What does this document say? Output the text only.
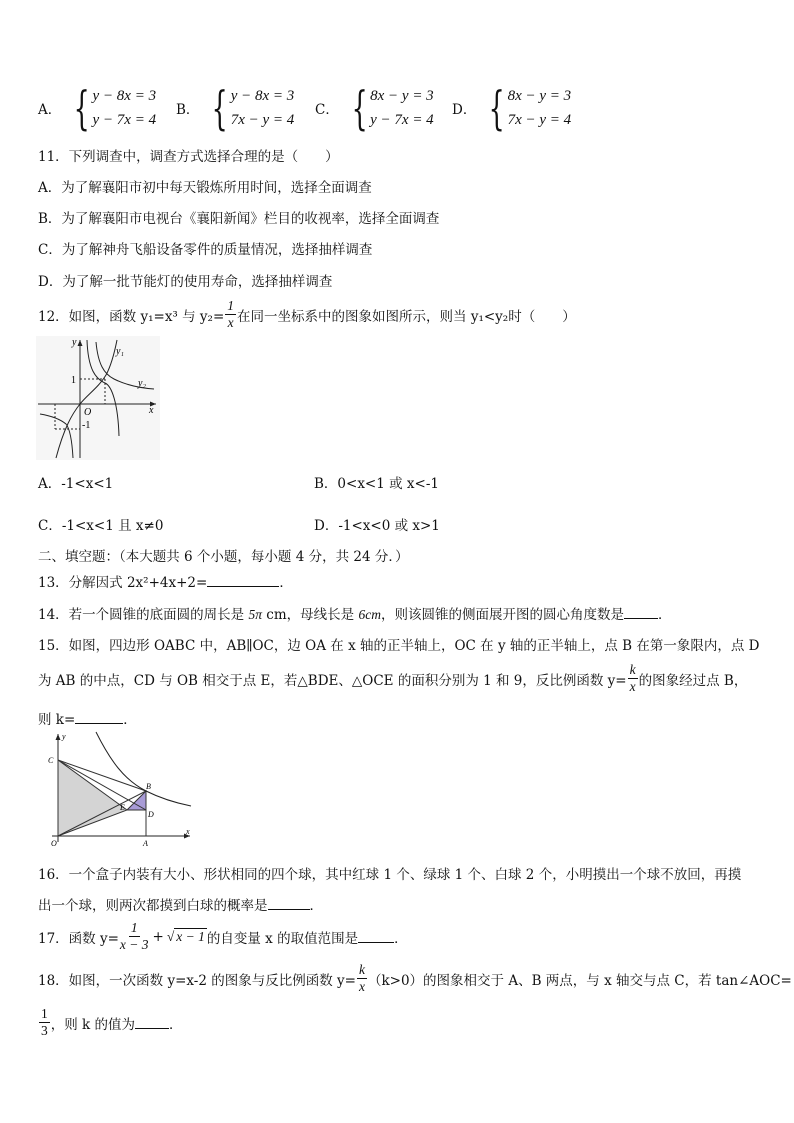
A． { y − 8x = 3
y − 7x = 4
B． { y − 8x = 3
7x − y = 4
C． { 8x − y = 3
y − 7x = 4
D． { 8x − y = 3
7x − y = 4
11．下列调查中，调查方式选择合理的是（　　）
A．为了解襄阳市初中每天锻炼所用时间，选择全面调查
B．为了解襄阳市电视台《襄阳新闻》栏目的收视率，选择全面调查
C．为了解神舟飞船设备零件的质量情况，选择抽样调查
D．为了解一批节能灯的使用寿命，选择抽样调查
12．如图，函数 y₁=x³ 与 $y_2= \frac{1}{x}$ 在同一坐标系中的图象如图所示，则当 y₁<y₂时（　　）
y
x
O
1
-1
y₁
y₂
A．-1<x<1	B．0<x<1 或 x<-1
C．-1<x<1 且 x≠0	D．-1<x<0 或 x>1
二、填空题：（本大题共 6 个小题，每小题 4 分，共 24 分．）
13．分解因式 2x²+4x+2=	．
14．若一个圆锥的底面圆的周长是 5π cm，母线长是 6cm，则该圆锥的侧面展开图的圆心角度数是	．
15．如图，四边形 OABC 中，AB∥OC，边 OA 在 x 轴的正半轴上，OC 在 y 轴的正半轴上，点 B 在第一象限内，点 D
为 AB 的中点，CD 与 OB 相交于点 E，若△BDE、△OCE 的面积分别为 1 和 9，反比例函数 $y= \frac{k}{x}$ 的图象经过点 B，
则 k=	．
y
x
O	A
B
C
D
E
16．一个盒子内装有大小、形状相同的四个球，其中红球 1 个、绿球 1 个、白球 2 个，小明摸出一个球不放回，再摸
出一个球，则两次都摸到白球的概率是	．
17．函数 $y= \frac{1}{x - 3}$ + √ x − 1 的自变量 x 的取值范围是	．
18．如图，一次函数 y=x-2 的图象与反比例函数 $y= \frac{k}{x} (k>0)$的图象相交于 A、B 两点，与 x 轴交与点 C，若 tan∠AOC=
$\frac{1}{3}$ ，则 k 的值为	．
